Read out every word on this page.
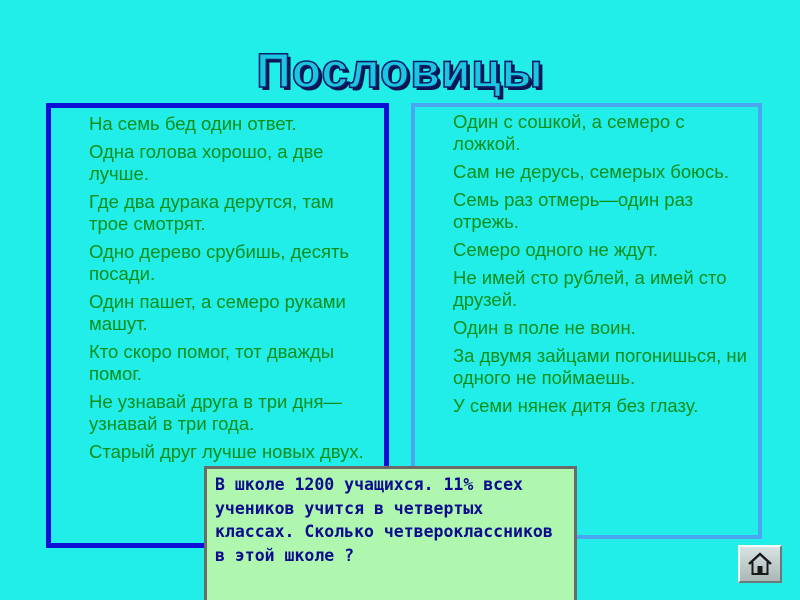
Пословицы
На семь бед один ответ.
Одна голова хорошо, а две лучше.
Где два дурака дерутся, там трое смотрят.
Одно дерево срубишь, десять посади.
Один пашет, а семеро руками машут.
Кто скоро помог, тот дважды помог.
Не узнавай друга в три дня—узнавай в три года.
Старый друг лучше новых двух.
Один с сошкой, а семеро с ложкой.
Сам не дерусь, семерых боюсь.
Семь раз отмерь—один раз отрежь.
Семеро одного не ждут.
Не имей сто рублей, а имей сто друзей.
Один в поле не воин.
За двумя зайцами погонишься, ни одного не поймаешь.
У семи нянек дитя без глазу.
В школе 1200 учащихся. 11% всех учеников учится в четвертых классах. Сколько четвероклассников в этой школе ?
